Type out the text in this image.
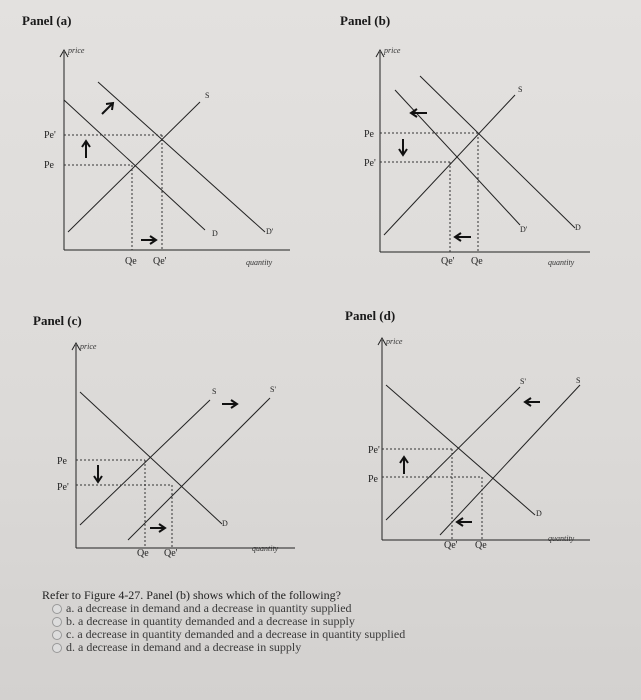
Panel (a)	Panel (b)
Panel (c)	Panel (d)
price
quantity
Pe'
Pe
Qe Qe'
S
D	D'
price
quantity
Pe
Pe'
Qe' Qe
S
D'	D
price
quantity
Pe
Pe'
Qe Qe'
S	S'
D
price
quantity
Pe'
Pe
Qe' Qe
S'	S
D
Refer to Figure 4-27. Panel (b) shows which of the following?
a. a decrease in demand and a decrease in quantity supplied
b. a decrease in quantity demanded and a decrease in supply
c. a decrease in quantity demanded and a decrease in quantity supplied
d. a decrease in demand and a decrease in supply
